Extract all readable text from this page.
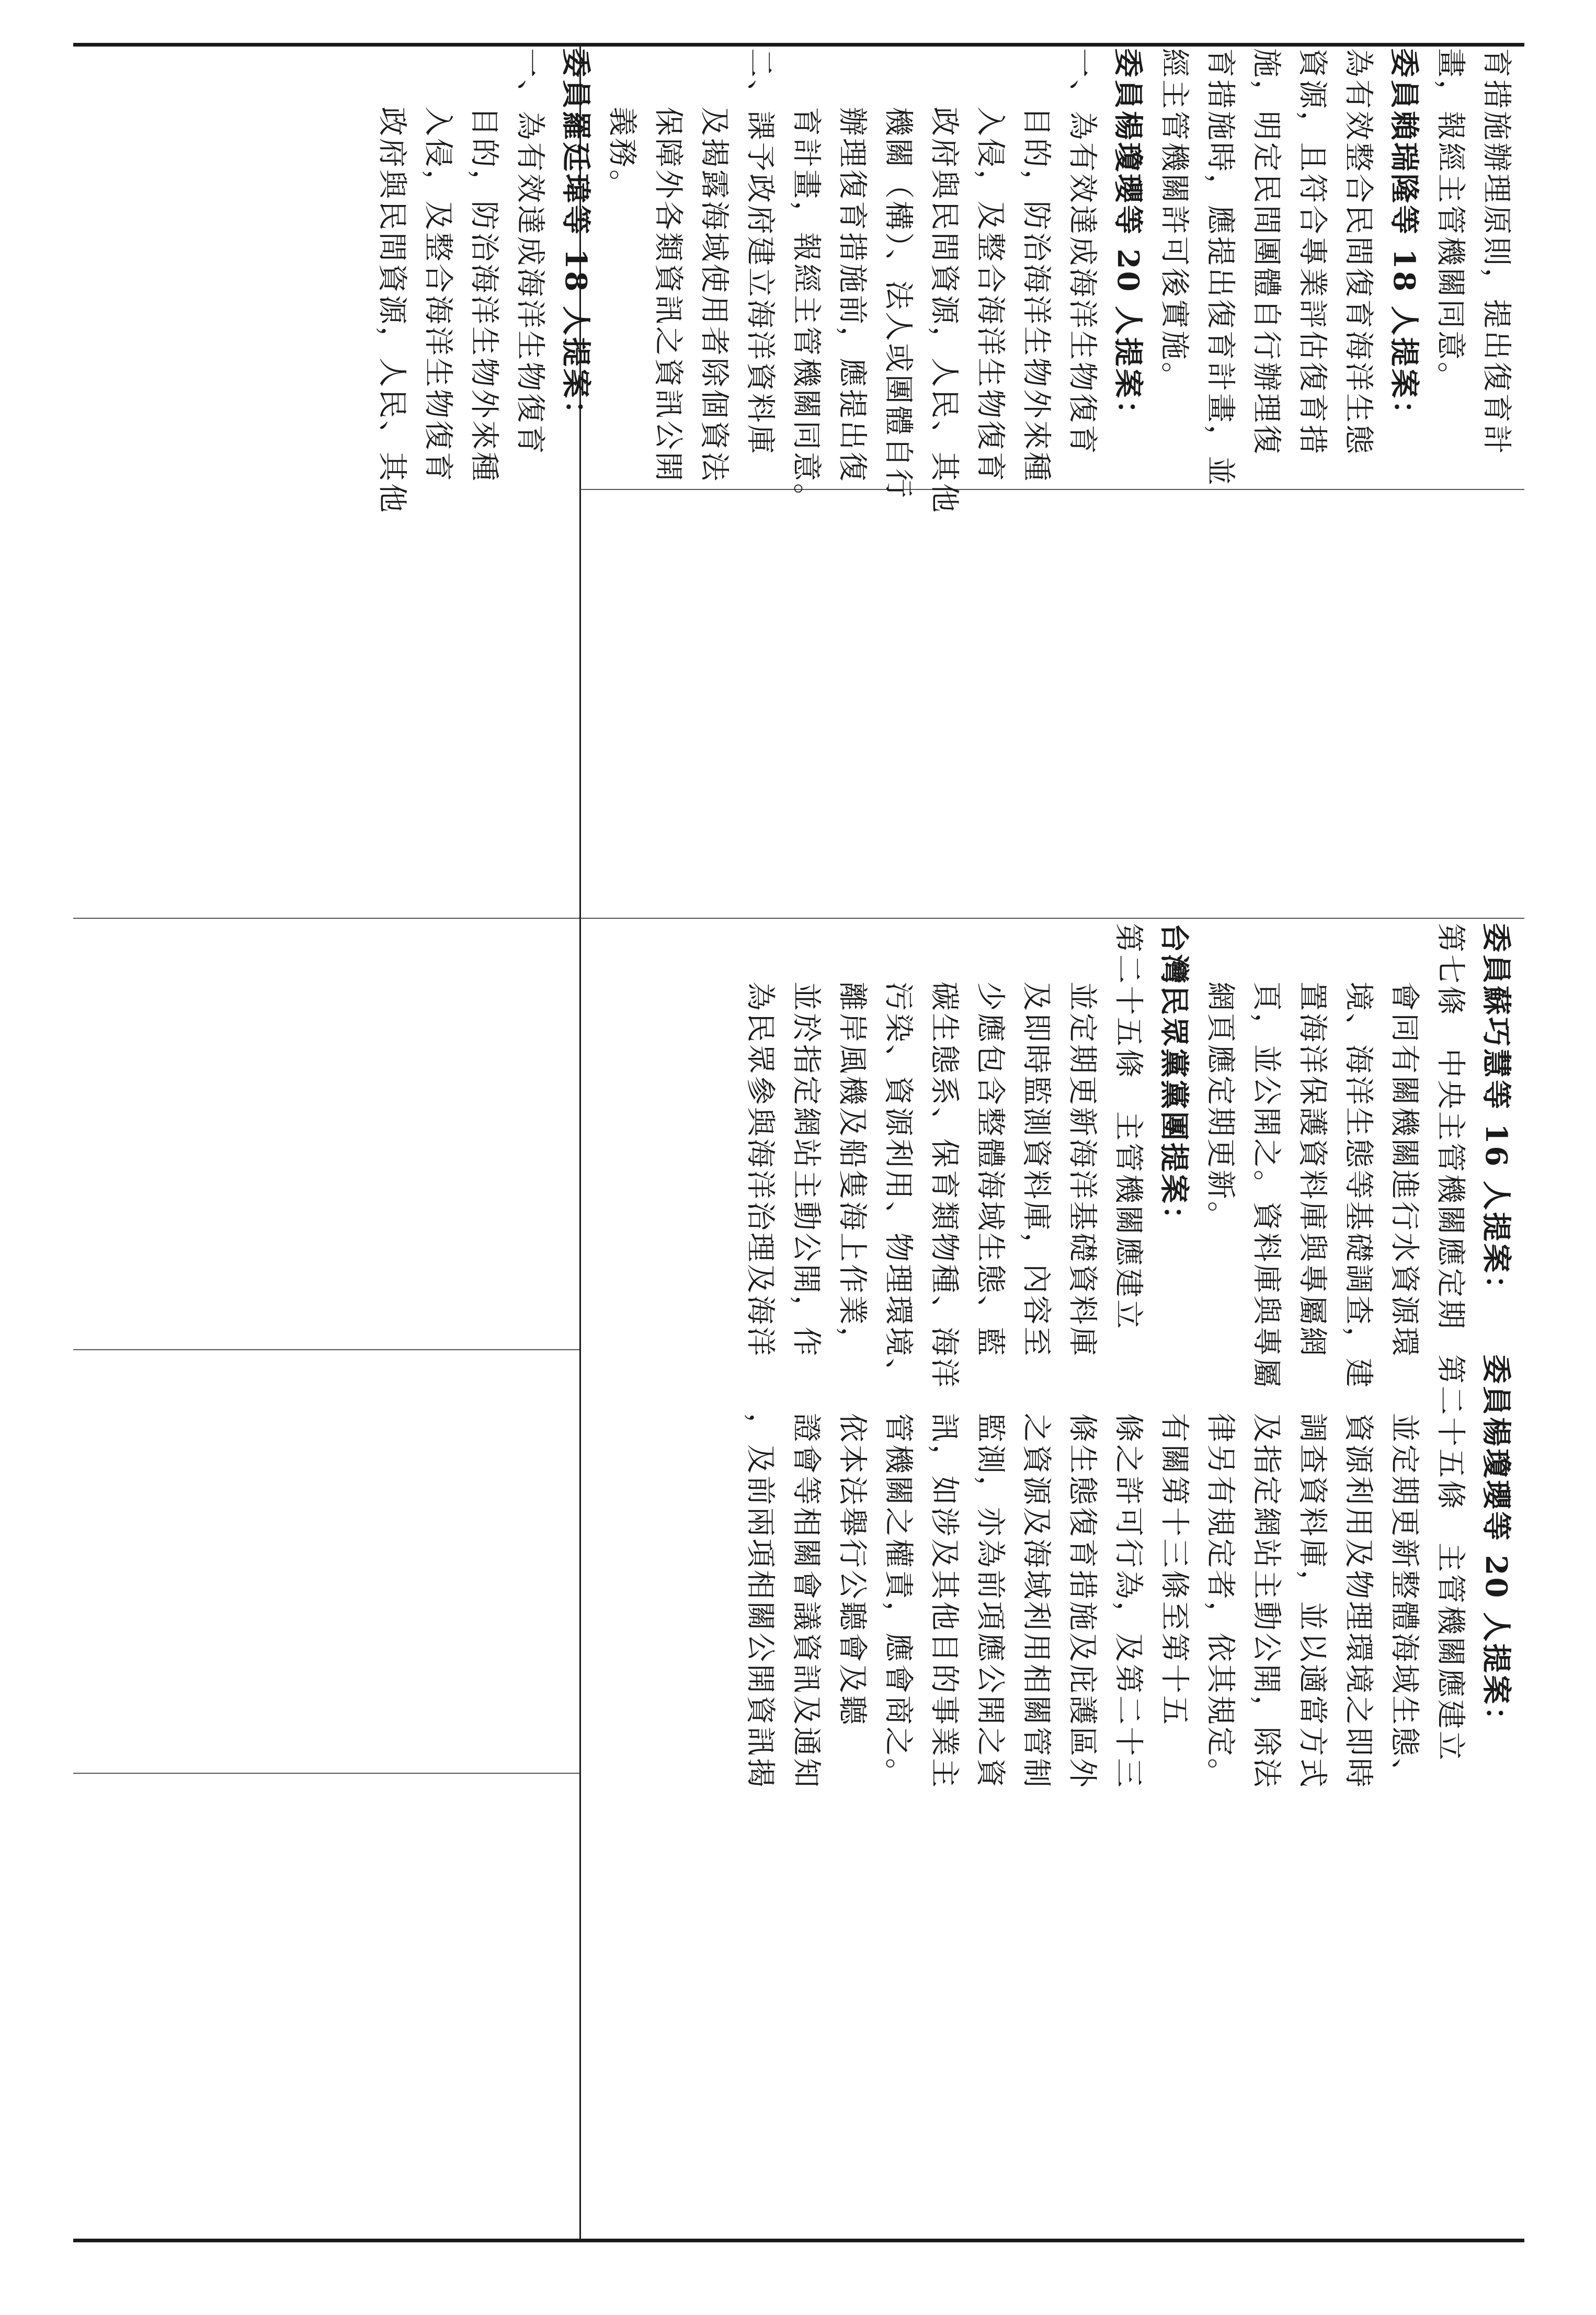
育措施辦理原則，提出復育計

畫，報經主管機關同意。

委員賴瑞隆等 18 人提案：

為有效整合民間復育海洋生態

資源，且符合專業評估復育措

施，明定民間團體自行辦理復

育措施時，應提出復育計畫，並

經主管機關許可後實施。

委員楊瓊瓔等 20 人提案：

一、為有效達成海洋生物復育

目的，防治海洋生物外來種

入侵，及整合海洋生物復育

政府與民間資源，人民、其他

機關（構）、法人或團體自行

辦理復育措施前，應提出復

育計畫，報經主管機關同意。

二、課予政府建立海洋資料庫

及揭露海域使用者除個資法

保障外各類資訊之資訊公開

義務。

委員羅廷瑋等 18 人提案：

一、為有效達成海洋生物復育

目的，防治海洋生物外來種

入侵，及整合海洋生物復育

政府與民間資源，人民、其他

委員蘇巧慧等 16 人提案：

第七條　中央主管機關應定期

會同有關機關進行水資源環

境、海洋生態等基礎調查，建

置海洋保護資料庫與專屬網

頁，並公開之。資料庫與專屬

網頁應定期更新。

台灣民眾黨黨團提案：

第二十五條　主管機關應建立

並定期更新海洋基礎資料庫

及即時監測資料庫，內容至

少應包含整體海域生態、藍

碳生態系、保育類物種、海洋

污染、資源利用、物理環境、

離岸風機及船隻海上作業，

並於指定網站主動公開，作

為民眾參與海洋治理及海洋

委員楊瓊瓔等 20 人提案：

第二十五條　主管機關應建立

並定期更新整體海域生態、

資源利用及物理環境之即時

調查資料庫，並以適當方式

及指定網站主動公開，除法

律另有規定者，依其規定。

有關第十三條至第十五

條之許可行為，及第二十三

條生態復育措施及庇護區外

之資源及海域利用相關管制

監測，亦為前項應公開之資

訊，如涉及其他目的事業主

管機關之權責，應會商之。

依本法舉行公聽會及聽

證會等相關會議資訊及通知

，及前兩項相關公開資訊揭
